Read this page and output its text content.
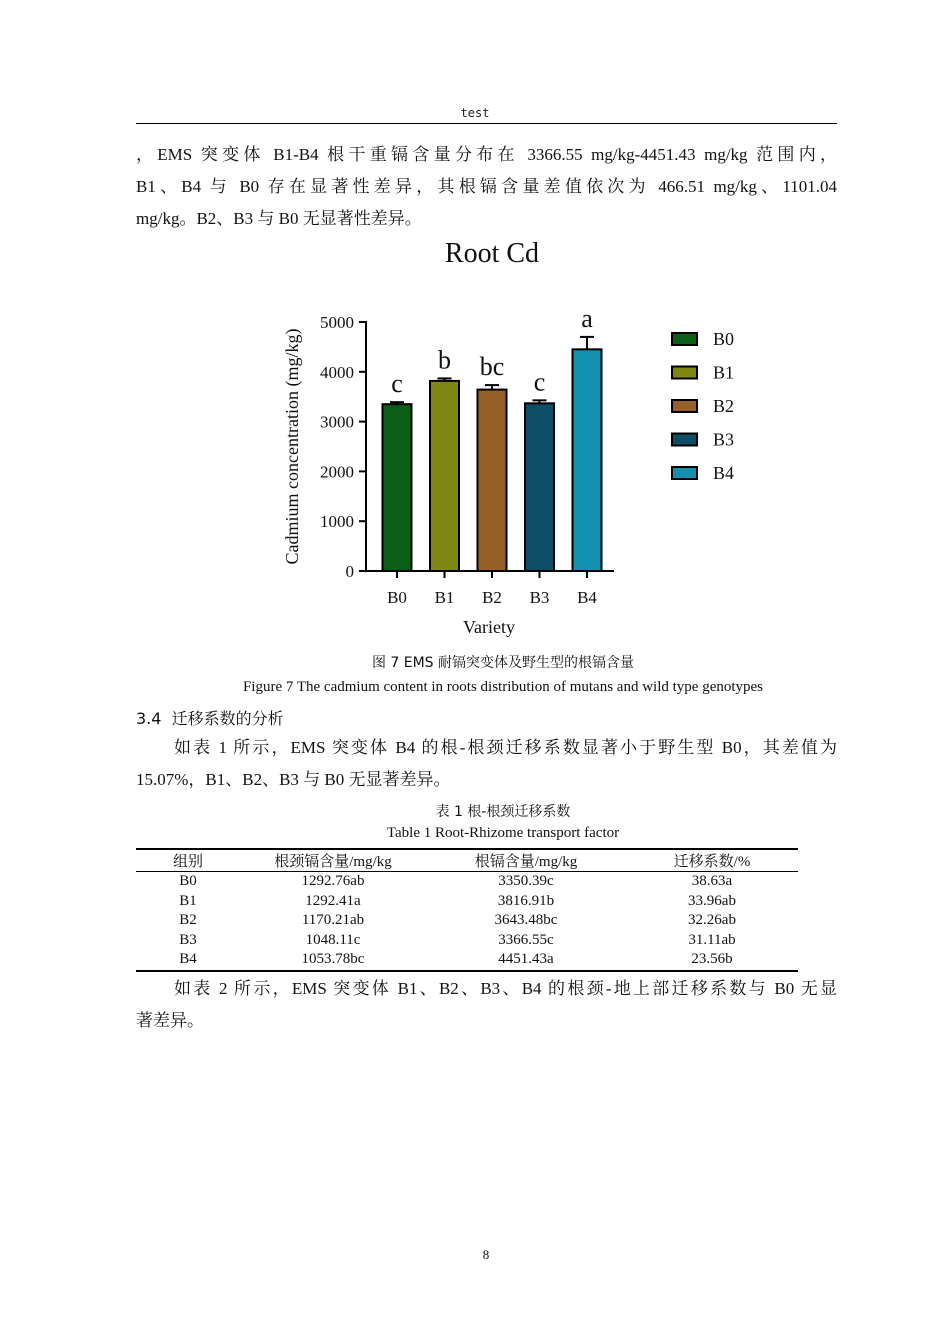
test

，EMS 突变体 B1-B4 根干重镉含量分布在 3366.55 mg/kg-4451.43 mg/kg 范围内，
B1、B4 与 B0 存在显著性差异，其根镉含量差值依次为 466.51 mg/kg、1101.04
mg/kg。B2、B3 与 B0 无显著性差异。

Root Cd
0
1000
2000
3000
4000
5000
Cadmium concentration (mg/kg)	c
B0
b
B1
bc
B2
c
B3
a
B4
Variety
B0
B1
B2
B3
B4
图 7 EMS 耐镉突变体及野生型的根镉含量
Figure 7 The cadmium content in roots distribution of mutans and wild type genotypes
3.4 迁移系数的分析

如表 1 所示，EMS 突变体 B4 的根-根颈迁移系数显著小于野生型 B0，其差值为
15.07%，B1、B2、B3 与 B0 无显著差异。

表 1 根-根颈迁移系数
Table 1 Root-Rhizome transport factor
组别	根颈镉含量/mg/kg	根镉含量/mg/kg	迁移系数/%
B0	1292.76ab	3350.39c	38.63a
B1	1292.41a	3816.91b	33.96ab
B2	1170.21ab	3643.48bc	32.26ab
B3	1048.11c	3366.55c	31.11ab
B4	1053.78bc	4451.43a	23.56b

如表 2 所示，EMS 突变体 B1、B2、B3、B4 的根颈-地上部迁移系数与 B0 无显
著差异。

8
